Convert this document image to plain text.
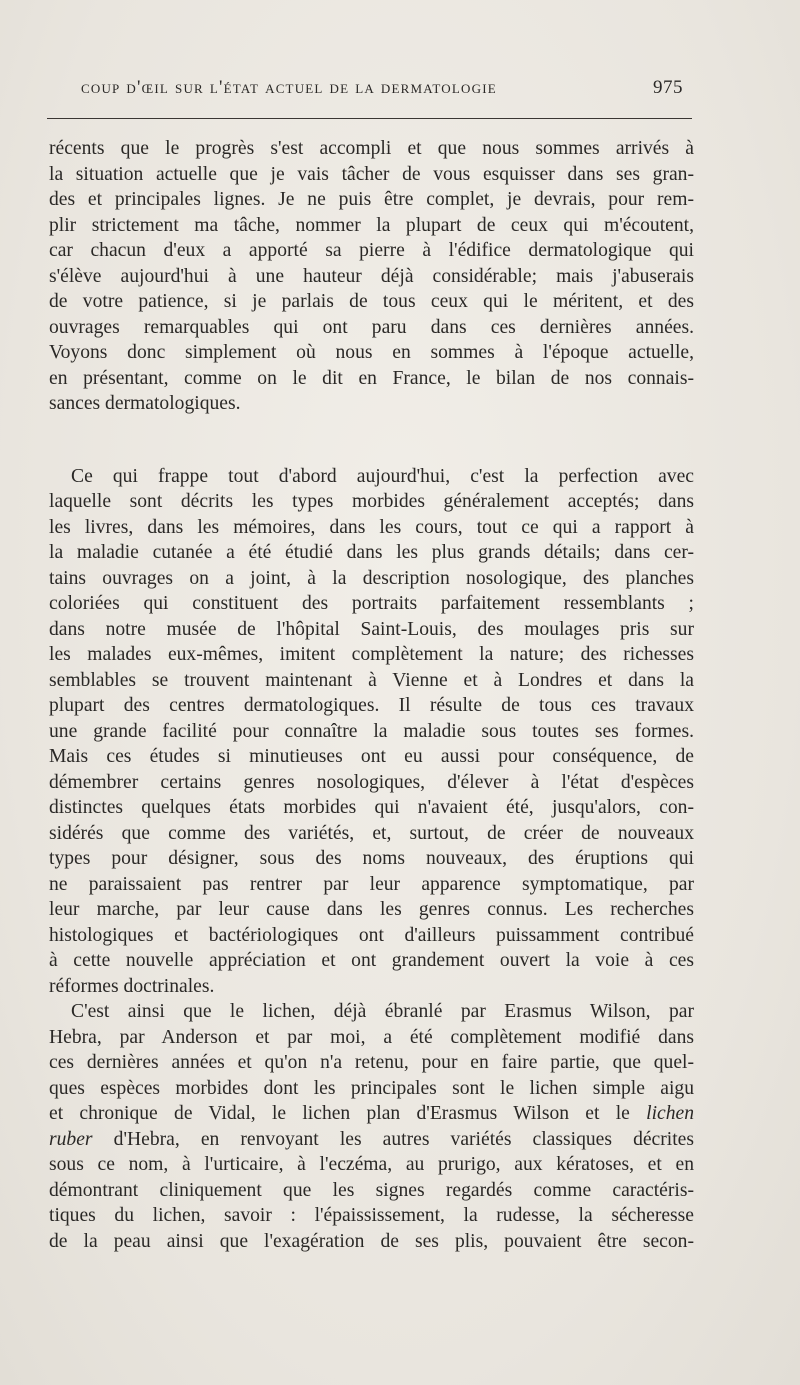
coup d'œil sur l'état actuel de la dermatologie	975
récents que le progrès s'est accompli et que nous sommes arrivés à
la situation actuelle que je vais tâcher de vous esquisser dans ses gran-
des et principales lignes. Je ne puis être complet, je devrais, pour rem-
plir strictement ma tâche, nommer la plupart de ceux qui m'écoutent,
car chacun d'eux a apporté sa pierre à l'édifice dermatologique qui
s'élève aujourd'hui à une hauteur déjà considérable; mais j'abuserais
de votre patience, si je parlais de tous ceux qui le méritent, et des
ouvrages remarquables qui ont paru dans ces dernières années.
Voyons donc simplement où nous en sommes à l'époque actuelle,
en présentant, comme on le dit en France, le bilan de nos connais-
sances dermatologiques.
Ce qui frappe tout d'abord aujourd'hui, c'est la perfection avec
laquelle sont décrits les types morbides généralement acceptés; dans
les livres, dans les mémoires, dans les cours, tout ce qui a rapport à
la maladie cutanée a été étudié dans les plus grands détails; dans cer-
tains ouvrages on a joint, à la description nosologique, des planches
coloriées qui constituent des portraits parfaitement ressemblants ;
dans notre musée de l'hôpital Saint-Louis, des moulages pris sur
les malades eux-mêmes, imitent complètement la nature; des richesses
semblables se trouvent maintenant à Vienne et à Londres et dans la
plupart des centres dermatologiques. Il résulte de tous ces travaux
une grande facilité pour connaître la maladie sous toutes ses formes.
Mais ces études si minutieuses ont eu aussi pour conséquence, de
démembrer certains genres nosologiques, d'élever à l'état d'espèces
distinctes quelques états morbides qui n'avaient été, jusqu'alors, con-
sidérés que comme des variétés, et, surtout, de créer de nouveaux
types pour désigner, sous des noms nouveaux, des éruptions qui
ne paraissaient pas rentrer par leur apparence symptomatique, par
leur marche, par leur cause dans les genres connus. Les recherches
histologiques et bactériologiques ont d'ailleurs puissamment contribué
à cette nouvelle appréciation et ont grandement ouvert la voie à ces
réformes doctrinales.
C'est ainsi que le lichen, déjà ébranlé par Erasmus Wilson, par
Hebra, par Anderson et par moi, a été complètement modifié dans
ces dernières années et qu'on n'a retenu, pour en faire partie, que quel-
ques espèces morbides dont les principales sont le lichen simple aigu
et chronique de Vidal, le lichen plan d'Erasmus Wilson et le lichen
ruber d'Hebra, en renvoyant les autres variétés classiques décrites
sous ce nom, à l'urticaire, à l'eczéma, au prurigo, aux kératoses, et en
démontrant cliniquement que les signes regardés comme caractéris-
tiques du lichen, savoir : l'épaississement, la rudesse, la sécheresse
de la peau ainsi que l'exagération de ses plis, pouvaient être secon-
